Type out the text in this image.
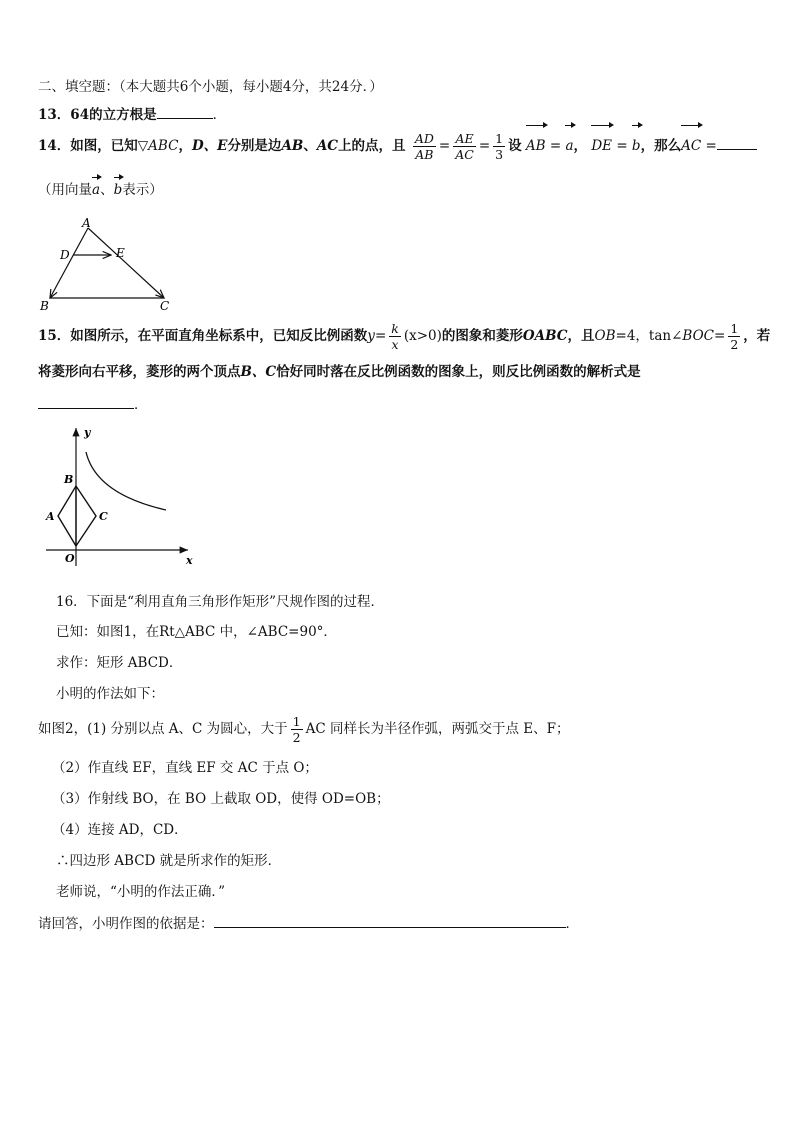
二、填空题：（本大题共6个小题，每小题4分，共24分．）
13．64的立方根是	．
14．如图，已知▽ABC，D、E分别是边AB、AC上的点，且 $\frac{AD}{AB} = \frac{AE}{AC} = \frac{1}{3}$ 设 AB = a， DE = b，那么AC =
（用向量a、b表示）
A
D	E
B	C
15．如图所示，在平面直角坐标系中，已知反比例函数$y= \frac{k}{x} (x>0)$的图象和菱形OABC，且OB=4，tan∠BOC= $\frac{1}{2}$ ，若
将菱形向右平移，菱形的两个顶点B、C恰好同时落在反比例函数的图象上，则反比例函数的解析式是
．
y
x
O
A
B
C
16．下面是“利用直角三角形作矩形”尺规作图的过程．
已知：如图1，在Rt△ABC 中，∠ABC=90°．
求作：矩形 ABCD．
小明的作法如下：
如图2，(1) 分别以点 A、C 为圆心，大于 $\frac{1}{2}$ AC 同样长为半径作弧，两弧交于点 E、F；
（2）作直线 EF，直线 EF 交 AC 于点 O；
（3）作射线 BO，在 BO 上截取 OD，使得 OD=OB；
（4）连接 AD，CD．
∴四边形 ABCD 就是所求作的矩形．
老师说，“小明的作法正确．”
请回答，小明作图的依据是：	．
